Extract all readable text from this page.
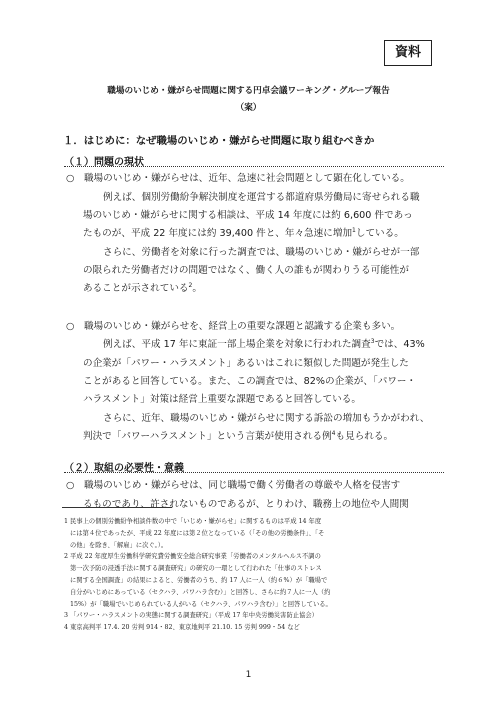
資料
職場のいじめ・嫌がらせ問題に関する円卓会議ワーキング・グループ報告
（案）
１．はじめに：なぜ職場のいじめ・嫌がらせ問題に取り組むべきか
（１）問題の現状
○　職場のいじめ・嫌がらせは、近年、急速に社会問題として顕在化している。
例えば、個別労働紛争解決制度を運営する都道府県労働局に寄せられる職
場のいじめ・嫌がらせに関する相談は、平成 14 年度には約 6,600 件であっ
たものが、平成 22 年度には約 39,400 件と、年々急速に増加$^1$している。
さらに、労働者を対象に行った調査では、職場のいじめ・嫌がらせが一部
の限られた労働者だけの問題ではなく、働く人の誰もが関わりうる可能性が
あることが示されている$^2$。
○　職場のいじめ・嫌がらせを、経営上の重要な課題と認識する企業も多い。
例えば、平成 17 年に東証一部上場企業を対象に行われた調査$^3$では、43%
の企業が「パワー・ハラスメント」あるいはこれに類似した問題が発生した
ことがあると回答している。また、この調査では、82%の企業が、「パワー・
ハラスメント」対策は経営上重要な課題であると回答している。
さらに、近年、職場のいじめ・嫌がらせに関する訴訟の増加もうかがわれ、
判決で「パワーハラスメント」という言葉が使用される例$^4$も見られる。
（２）取組の必要性・意義
○　職場のいじめ・嫌がらせは、同じ職場で働く労働者の尊厳や人格を侵害す
るものであり、許されないものであるが、とりわけ、職務上の地位や人間関
1 民事上の個別労働紛争相談件数の中で「いじめ・嫌がらせ」に関するものは平成 14 年度
には第４位であったが、平成 22 年度には第２位となっている（「その他の労働条件」、「そ
の他」を除き、「解雇」に次ぐ。）。
2 平成 22 年度厚生労働科学研究費労働安全総合研究事業「労働者のメンタルヘルス不調の
第一次予防の浸透手法に関する調査研究」の研究の一環として行われた「仕事のストレス
に関する全国調査」の結果によると、労働者のうち、約 17 人に一人（約６%）が「職場で
自分がいじめにあっている（セクハラ、パワハラ含む）」と回答し、さらに約７人に一人（約
15%）が「職場でいじめられている人がいる（セクハラ、パワハラ含む）」と回答している。
3 「パワー・ハラスメントの実態に関する調査研究」（平成 17 年中央労働災害防止協会）
4 東京高判平 17.4. 20 労判 914・82、東京地判平 21.10. 15 労判 999・54 など
1
